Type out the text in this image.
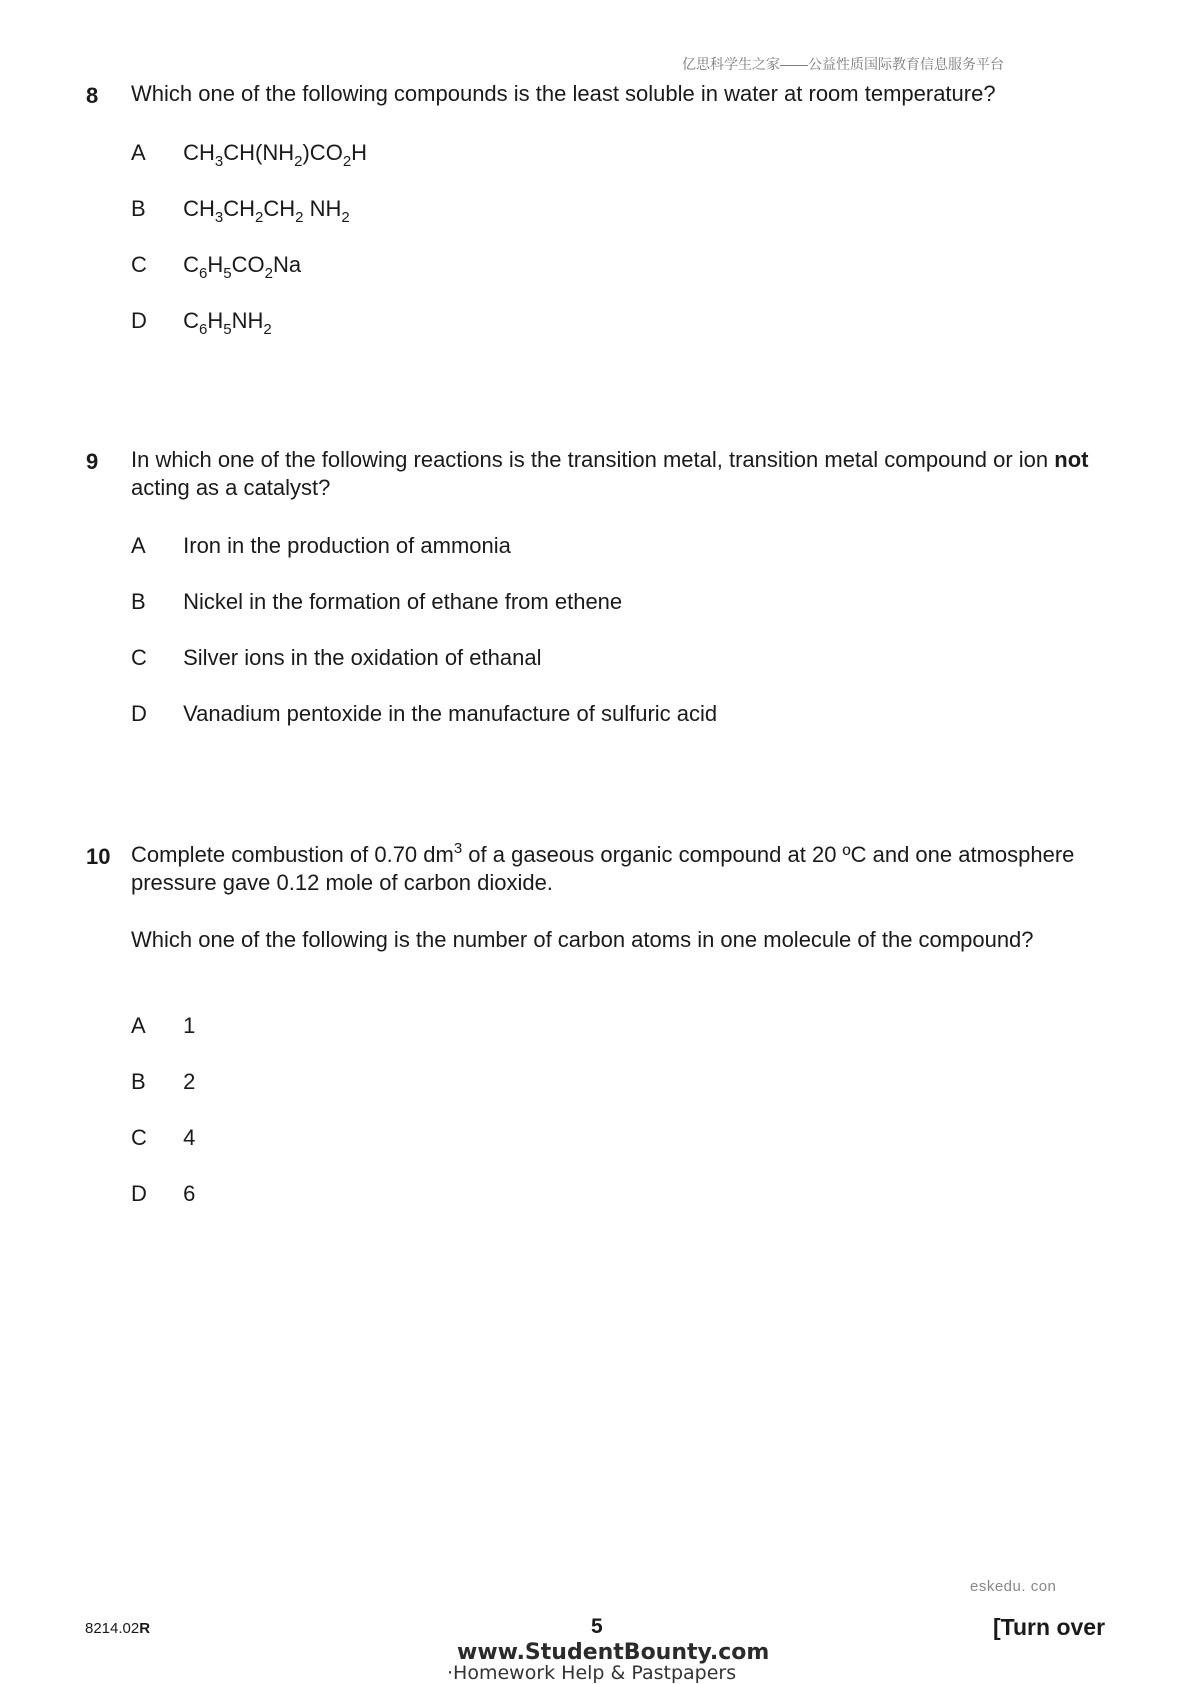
亿思科学生之家——公益性质国际教育信息服务平台
8 Which one of the following compounds is the least soluble in water at room temperature?
A $CH_3CH(NH_2)CO_2H$
B $CH_3CH_2CH_2$ $NH_2$
C $C_6H_5CO_2Na$
D $C_6H_5NH_2$
9 In which one of the following reactions is the transition metal, transition metal compound or ion not acting as a catalyst?
A Iron in the production of ammonia
B Nickel in the formation of ethane from ethene
C Silver ions in the oxidation of ethanal
D Vanadium pentoxide in the manufacture of sulfuric acid
10 Complete combustion of 0.70 $dm^3$ of a gaseous organic compound at 20 ºC and one atmosphere pressure gave 0.12 mole of carbon dioxide.
Which one of the following is the number of carbon atoms in one molecule of the compound?
A 1
B 2
C 4
D 6
eskedu. con
8214.02R	5	[Turn over
www.StudentBounty.com
·Homework Help & Pastpapers
